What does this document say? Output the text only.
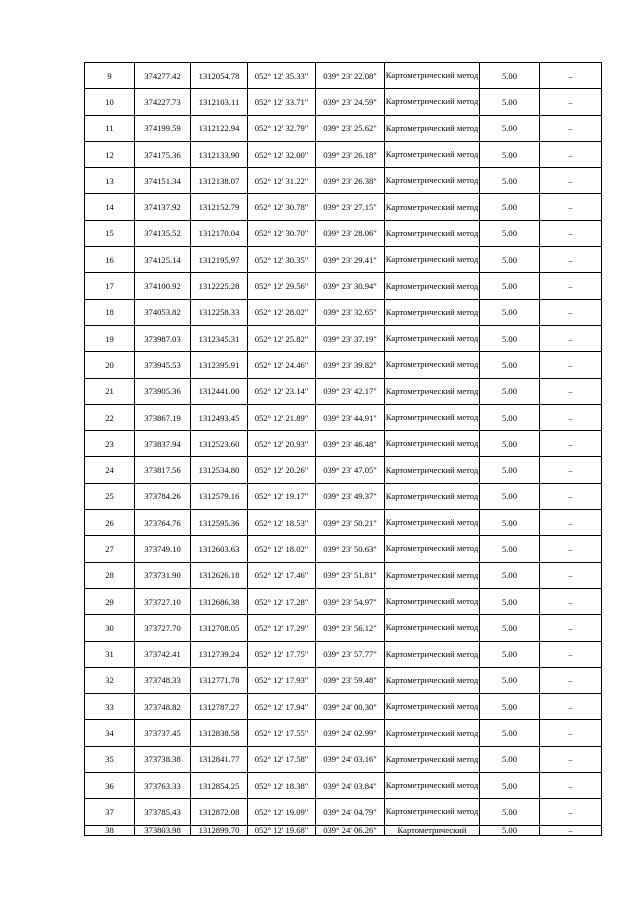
9	374277.42	1312054.78	052° 12' 35.33"	039° 23' 22.08"	Картометрический метод	5.00	–
10	374227.73	1312103.11	052° 12' 33.71"	039° 23' 24.59"	Картометрический метод	5.00	–
11	374199.59	1312122.94	052° 12' 32.79"	039° 23' 25.62"	Картометрический метод	5.00	–
12	374175.36	1312133.90	052° 12' 32.00"	039° 23' 26.18"	Картометрический метод	5.00	–
13	374151.34	1312138.07	052° 12' 31.22"	039° 23' 26.38"	Картометрический метод	5.00	–
14	374137.92	1312152.79	052° 12' 30.78"	039° 23' 27.15"	Картометрический метод	5.00	–
15	374135.52	1312170.04	052° 12' 30.70"	039° 23' 28.06"	Картометрический метод	5.00	–
16	374125.14	1312195.97	052° 12' 30.35"	039° 23' 29.41"	Картометрический метод	5.00	–
17	374100.92	1312225.28	052° 12' 29.56"	039° 23' 30.94"	Картометрический метод	5.00	–
18	374053.82	1312258.33	052° 12' 28.02"	039° 23' 32.65"	Картометрический метод	5.00	–
19	373987.03	1312345.31	052° 12' 25.82"	039° 23' 37.19"	Картометрический метод	5.00	–
20	373945.53	1312395.91	052° 12' 24.46"	039° 23' 39.82"	Картометрический метод	5.00	–
21	373905.36	1312441.00	052° 12' 23.14"	039° 23' 42.17"	Картометрический метод	5.00	–
22	373867.19	1312493.45	052° 12' 21.89"	039° 23' 44.91"	Картометрический метод	5.00	–
23	373837.94	1312523.60	052° 12' 20.93"	039° 23' 46.48"	Картометрический метод	5.00	–
24	373817.56	1312534.80	052° 12' 20.26"	039° 23' 47.05"	Картометрический метод	5.00	–
25	373784.26	1312579.16	052° 12' 19.17"	039° 23' 49.37"	Картометрический метод	5.00	–
26	373764.76	1312595.36	052° 12' 18.53"	039° 23' 50.21"	Картометрический метод	5.00	–
27	373749.10	1312603.63	052° 12' 18.02"	039° 23' 50.63"	Картометрический метод	5.00	–
28	373731.90	1312626.18	052° 12' 17.46"	039° 23' 51.81"	Картометрический метод	5.00	–
29	373727.10	1312686.38	052° 12' 17.28"	039° 23' 54.97"	Картометрический метод	5.00	–
30	373727.70	1312708.05	052° 12' 17.29"	039° 23' 56.12"	Картометрический метод	5.00	–
31	373742.41	1312739.24	052° 12' 17.75"	039° 23' 57.77"	Картометрический метод	5.00	–
32	373748.33	1312771.78	052° 12' 17.93"	039° 23' 59.48"	Картометрический метод	5.00	–
33	373748.82	1312787.27	052° 12' 17.94"	039° 24' 00.30"	Картометрический метод	5.00	–
34	373737.45	1312838.58	052° 12' 17.55"	039° 24' 02.99"	Картометрический метод	5.00	–
35	373738.38	1312841.77	052° 12' 17.58"	039° 24' 03.16"	Картометрический метод	5.00	–
36	373763.33	1312854.25	052° 12' 18.38"	039° 24' 03.84"	Картометрический метод	5.00	–
37	373785.43	1312872.08	052° 12' 19.09"	039° 24' 04.79"	Картометрический метод	5.00	–
38	373803.98	1312899.70	052° 12' 19.68"	039° 24' 06.26"	Картометрический	5.00	–
